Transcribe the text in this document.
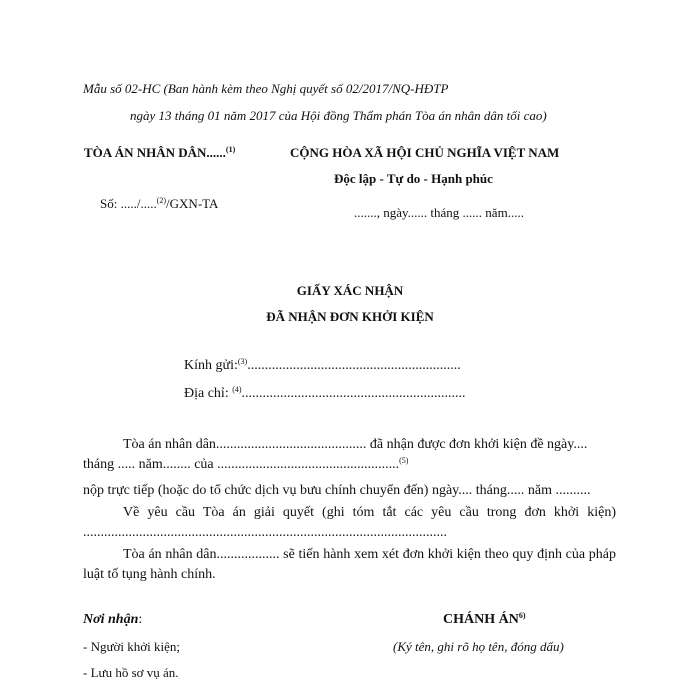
Mẫu số 02-HC (Ban hành kèm theo Nghị quyết số 02/2017/NQ-HĐTP
ngày 13 tháng 01 năm 2017 của Hội đồng Thẩm phán Tòa án nhân dân tối cao)
TÒA ÁN NHÂN DÂN......$^{(1)}$
Số: ...../.....$^{(2)}$/GXN-TA
CỘNG HÒA XÃ HỘI CHỦ NGHĨA VIỆT NAM
Độc lập - Tự do - Hạnh phúc
......., ngày...... tháng ...... năm.....
GIẤY XÁC NHẬN
ĐÃ NHẬN ĐƠN KHỞI KIỆN
Kính gửi:$^{(3)}$.............................................................
Địa chỉ: $^{(4)}$................................................................
Tòa án nhân dân........................................... đã nhận được đơn khởi kiện đề ngày....
tháng ..... năm........ của ....................................................$^{(5)}$
nộp trực tiếp (hoặc do tổ chức dịch vụ bưu chính chuyển đến) ngày.... tháng..... năm ..........
Về yêu cầu Tòa án giải quyết (ghi tóm tắt các yêu cầu trong đơn khởi kiện) ........................................................................................................
Tòa án nhân dân.................. sẽ tiến hành xem xét đơn khởi kiện theo quy định của pháp luật tố tụng hành chính.
Nơi nhận:
- Người khởi kiện;
- Lưu hồ sơ vụ án.
CHÁNH ÁN$^{6)}$
(Ký tên, ghi rõ họ tên, đóng dấu)
